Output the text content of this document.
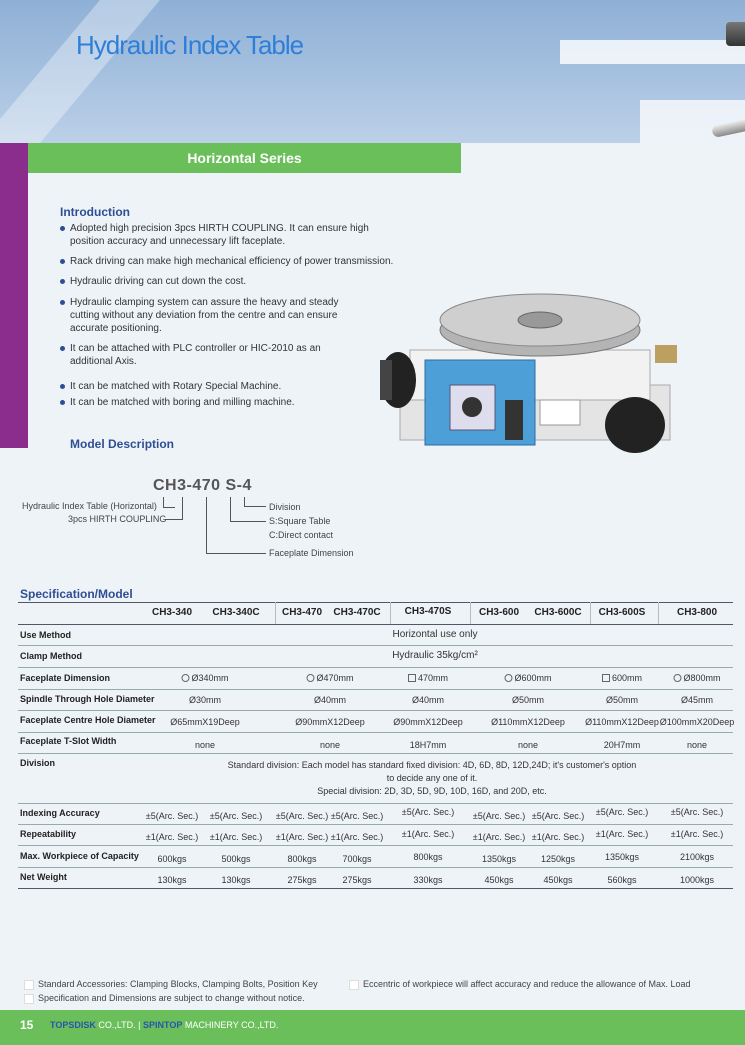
Hydraulic Index Table
Horizontal Series
Introduction
Adopted high precision 3pcs HIRTH COUPLING. It can ensure high position accuracy and unnecessary lift faceplate.
Rack driving can make high mechanical efficiency of power transmission.
Hydraulic driving can cut down the cost.
Hydraulic clamping system can assure the heavy and steady cutting without any deviation from the centre and can ensure accurate positioning.
It can be attached with PLC controller or HIC-2010 as an additional Axis.
It can be matched with Rotary Special Machine.
It can be matched with boring and milling machine.
Model Description
CH3-470 S-4
Hydraulic Index Table (Horizontal)
3pcs HIRTH COUPLING
Division
S:Square Table
C:Direct contact
Faceplate Dimension
Specification/Model
CH3-340 CH3-340C CH3-470 CH3-470C CH3-470S	CH3-600 CH3-600C CH3-600S	CH3-800
Use Method	Horizontal use only
Clamp Method	Hydraulic 35kg/cm²
Faceplate Dimension	Ø340mm	Ø470mm	470mm	Ø600mm	600mm	Ø800mm
Spindle Through Hole Diameter	Ø30mm	Ø40mm	Ø40mm	Ø50mm	Ø50mm	Ø45mm
Faceplate Centre Hole Diameter Ø65mmX19Deep	Ø90mmX12Deep	Ø90mmX12Deep	Ø110mmX12Deep Ø110mmX12Deep Ø100mmX20Deep
Faceplate T-Slot Width	none	none	18H7mm	none	20H7mm	none
Division	Standard division: Each model has standard fixed division: 4D, 6D, 8D, 12D,24D; it's customer's option
to decide any one of it.
Special division: 2D, 3D, 5D, 9D, 10D, 16D, and 20D, etc.
Indexing Accuracy	±5(Arc. Sec.) ±5(Arc. Sec.) ±5(Arc. Sec.) ±5(Arc. Sec.) ±5(Arc. Sec.) ±5(Arc. Sec.) ±5(Arc. Sec.) ±5(Arc. Sec.)	±5(Arc. Sec.)
Repeatability	±1(Arc. Sec.) ±1(Arc. Sec.) ±1(Arc. Sec.) ±1(Arc. Sec.) ±1(Arc. Sec.) ±1(Arc. Sec.) ±1(Arc. Sec.) ±1(Arc. Sec.)	±1(Arc. Sec.)
Max. Workpiece of Capacity 600kgs	500kgs	800kgs	700kgs	800kgs	1350kgs	1250kgs	1350kgs	2100kgs
Net Weight	130kgs	130kgs	275kgs	275kgs	330kgs	450kgs	450kgs	560kgs	1000kgs
Standard Accessories: Clamping Blocks, Clamping Bolts, Position Key
Specification and Dimensions are subject to change without notice.
Eccentric of workpiece will affect accuracy and reduce the allowance of Max. Load
15 TOPSDISK CO.,LTD. | SPINTOP MACHINERY CO.,LTD.
